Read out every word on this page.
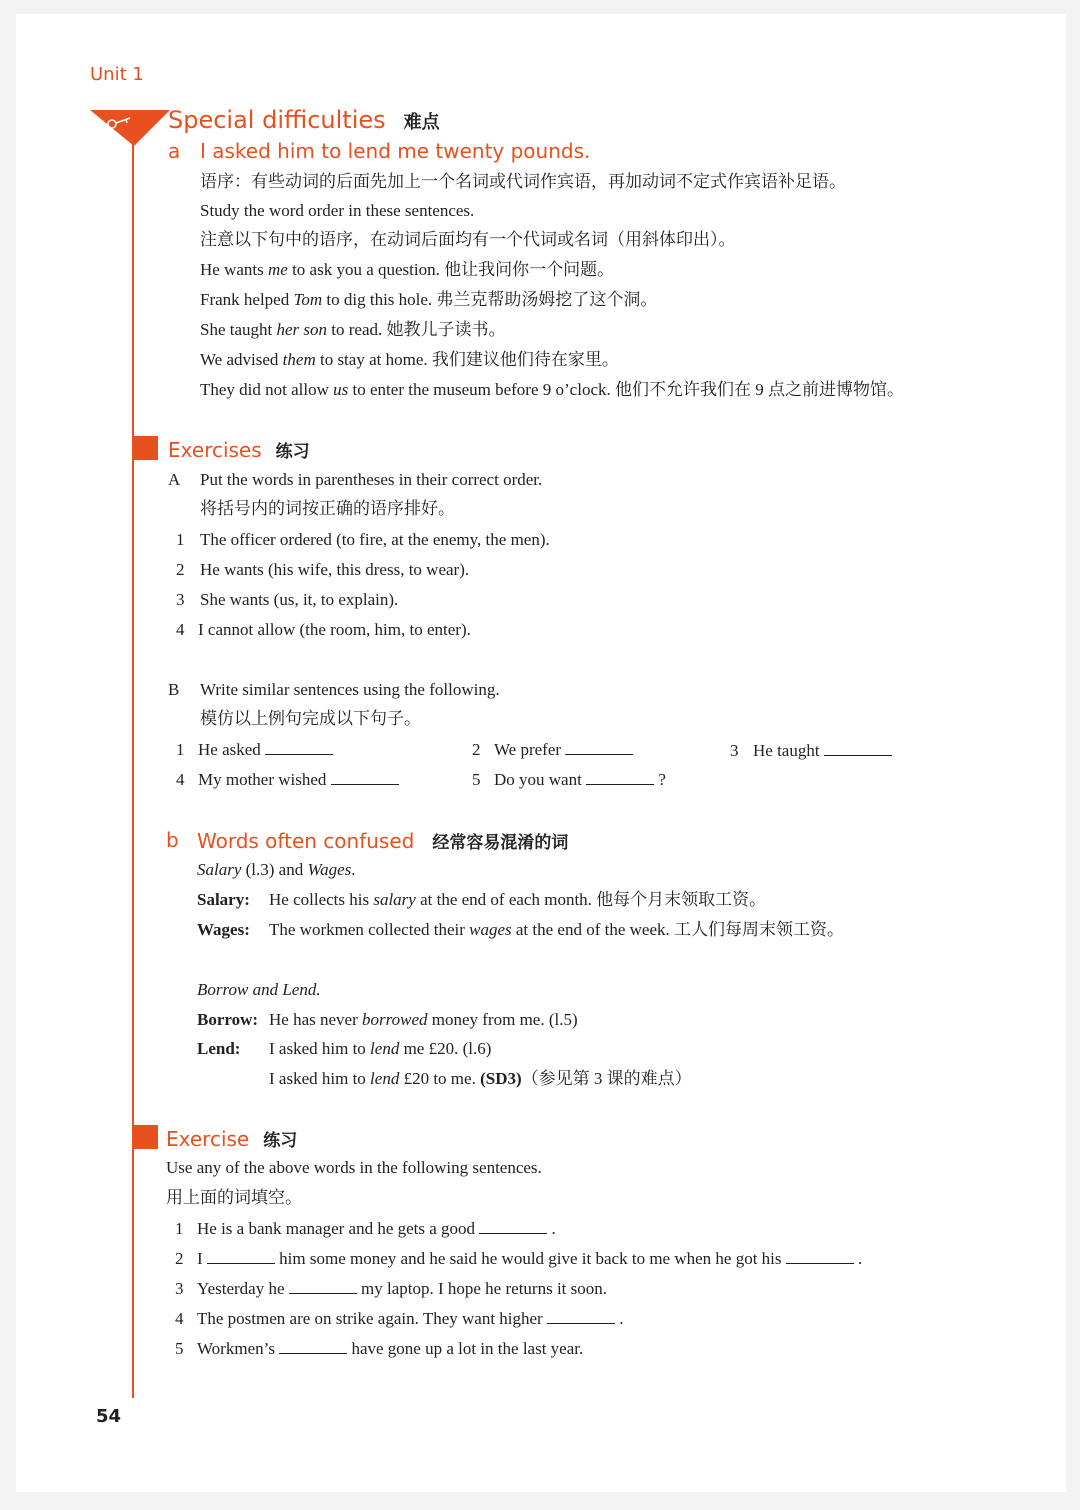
Unit 1
Special difficulties 难点
a I asked him to lend me twenty pounds.
语序：有些动词的后面先加上一个名词或代词作宾语，再加动词不定式作宾语补足语。
Study the word order in these sentences.
注意以下句中的语序，在动词后面均有一个代词或名词（用斜体印出）。
He wants me to ask you a question. 他让我问你一个问题。
Frank helped Tom to dig this hole. 弗兰克帮助汤姆挖了这个洞。
She taught her son to read. 她教儿子读书。
We advised them to stay at home. 我们建议他们待在家里。
They did not allow us to enter the museum before 9 o’clock. 他们不允许我们在 9 点之前进博物馆。
Exercises 练习
A Put the words in parentheses in their correct order.
将括号内的词按正确的语序排好。
1 The officer ordered (to fire, at the enemy, the men).
2 He wants (his wife, this dress, to wear).
3 She wants (us, it, to explain).
4 I cannot allow (the room, him, to enter).
B Write similar sentences using the following.
模仿以上例句完成以下句子。
1 He asked	2 We prefer	3 He taught
4 My mother wished	5 Do you want	?
b Words often confused 经常容易混淆的词
Salary (l.3) and Wages.
Salary: He collects his salary at the end of each month. 他每个月末领取工资。
Wages: The workmen collected their wages at the end of the week. 工人们每周末领工资。
Borrow and Lend.
Borrow: He has never borrowed money from me. (l.5)
Lend: I asked him to lend me £20. (l.6)
I asked him to lend £20 to me. (SD3)（参见第 3 课的难点）
Exercise 练习
Use any of the above words in the following sentences.
用上面的词填空。
1 He is a bank manager and he gets a good	.
2 I	him some money and he said he would give it back to me when he got his	.
3 Yesterday he	my laptop. I hope he returns it soon.
4 The postmen are on strike again. They want higher	.
5 Workmen’s	have gone up a lot in the last year.
54
